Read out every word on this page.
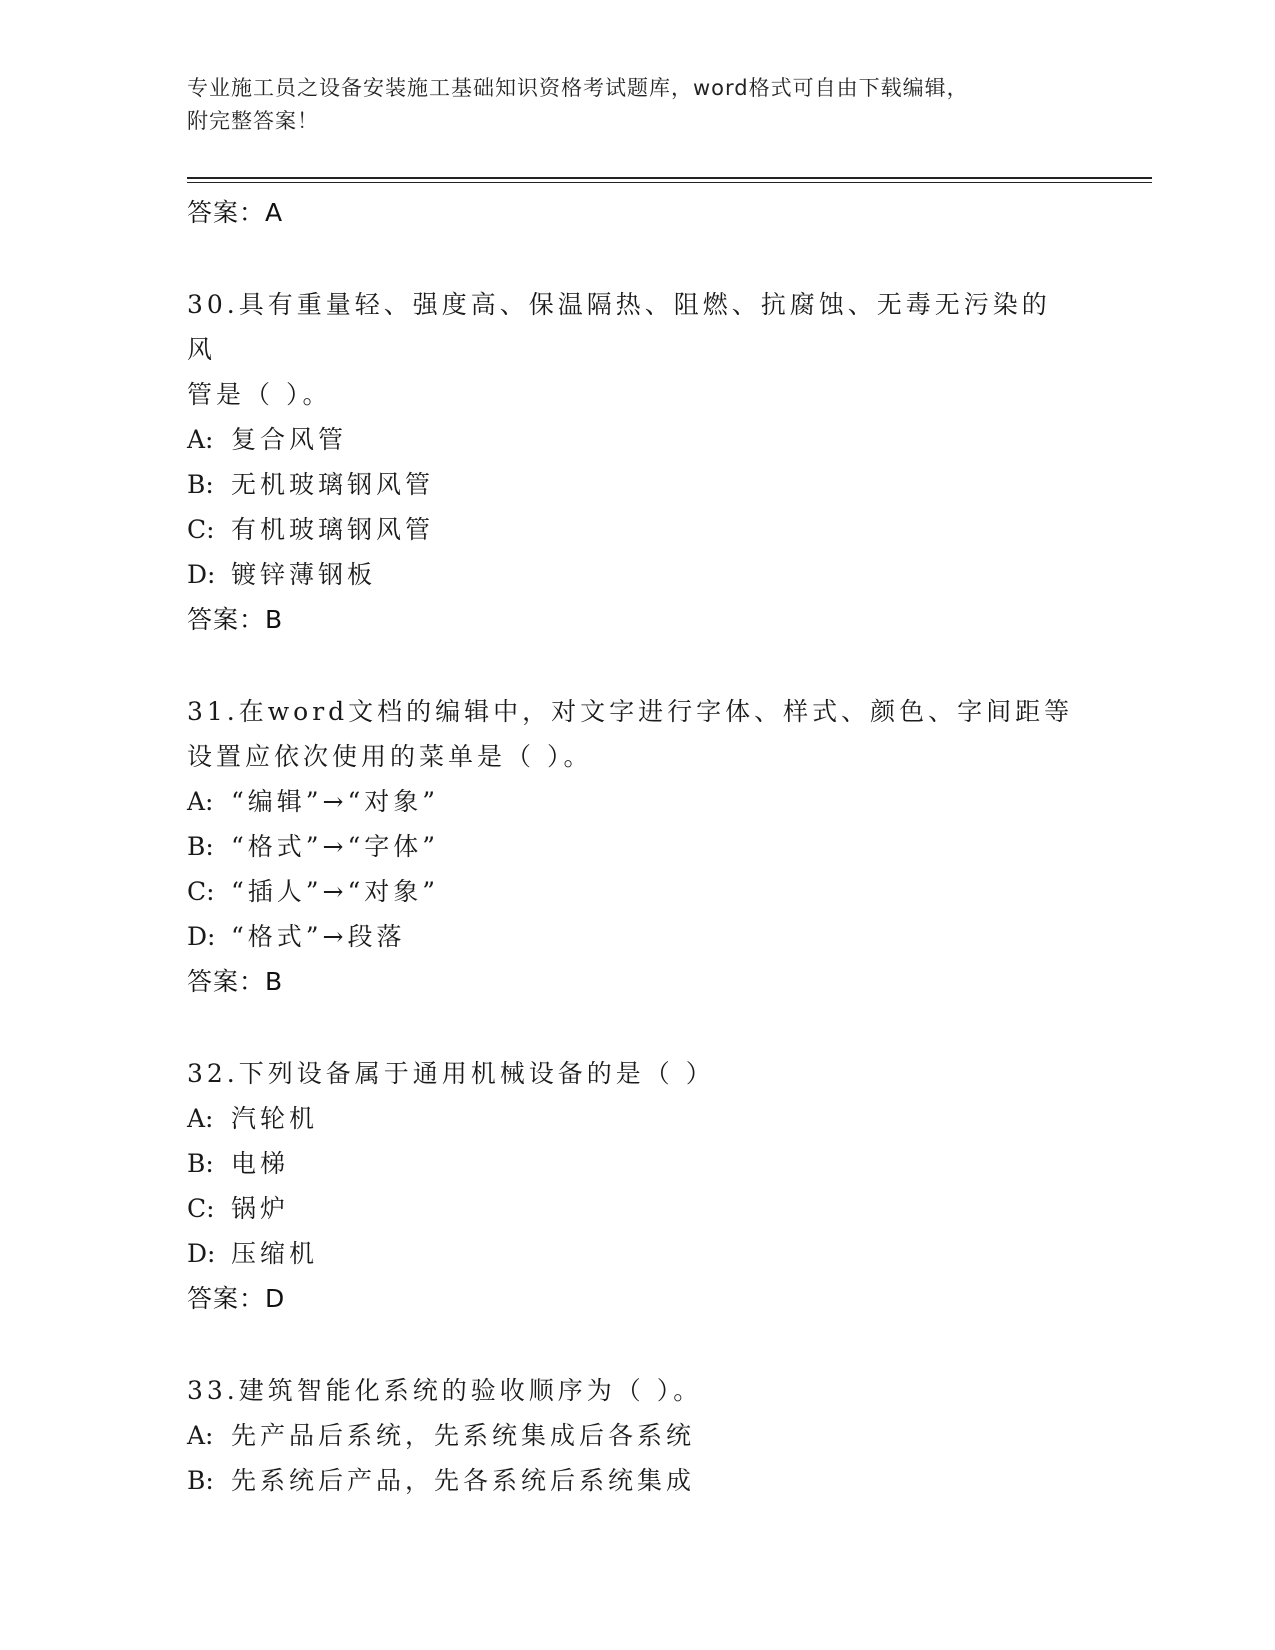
专业施工员之设备安装施工基础知识资格考试题库，word格式可自由下载编辑，
附完整答案！
答案：A
30.具有重量轻、强度高、保温隔热、阻燃、抗腐蚀、无毒无污染的风
管是（ ）。
A: 复合风管
B: 无机玻璃钢风管
C: 有机玻璃钢风管
D: 镀锌薄钢板
答案：B
31.在word文档的编辑中，对文字进行字体、样式、颜色、字间距等
设置应依次使用的菜单是（ ）。
A: “编辑”→“对象”
B: “格式”→“字体”
C: “插人”→“对象”
D: “格式”→段落
答案：B
32.下列设备属于通用机械设备的是（ ）
A: 汽轮机
B: 电梯
C: 锅炉
D: 压缩机
答案：D
33.建筑智能化系统的验收顺序为（ ）。
A: 先产品后系统，先系统集成后各系统
B: 先系统后产品，先各系统后系统集成
